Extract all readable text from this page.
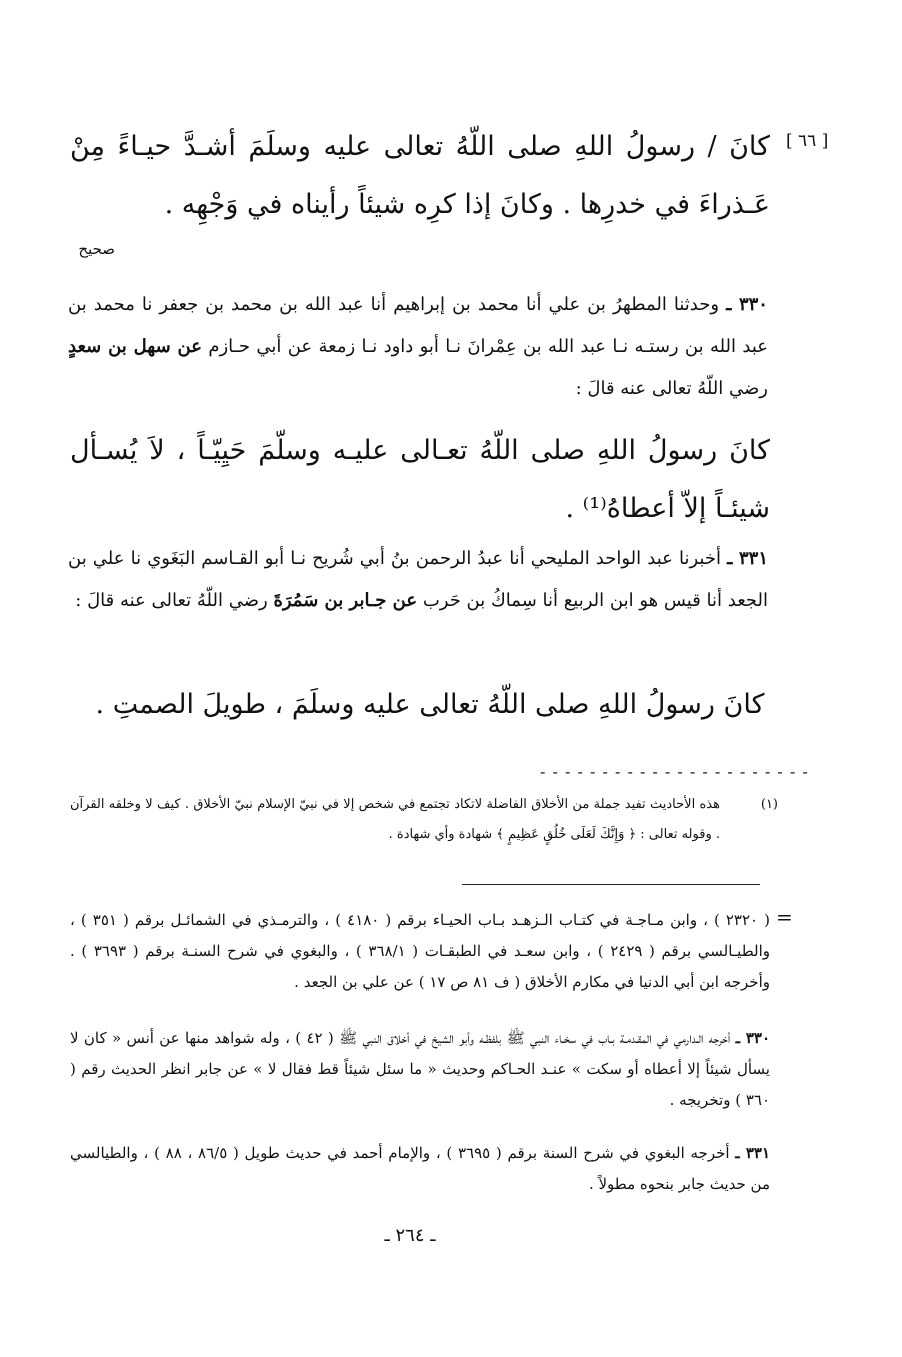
[ ٦٦ ]
كانَ / رسولُ اللهِ صلى اللّهُ تعالى عليه وسلَمَ أشـدَّ حيـاءً مِنْ عَـذراءَ في خدرِها . وكانَ إذا كرِه شيئاً رأيناه في وَجْهِه .
صحيح
٣٣٠ ـ وحدثنا المطهرُ بن علي أنا محمد بن إبراهيم أنا عبد الله بن محمد بن جعفر نا محمد بن عبد الله بن رستـه نـا عبد الله بن عِمْرانَ نـا أبو داود نـا زمعة عن أبي حـازم عن سهل بن سعدٍ رضي اللّهُ تعالى عنه قالَ :
كانَ رسولُ اللهِ صلى اللّهُ تعـالى عليـه وسلّمَ حَيِيّـاً ، لاَ يُسـأل شيئـاً إلاّ أعطاهُ⁽¹⁾ .
٣٣١ ـ أخبرنا عبد الواحد المليحي أنا عبدُ الرحمن بنُ أبي شُريح نـا أبو القـاسم البَغَوي نا علي بن الجعد أنا قيس هو ابن الربيع أنا سِماكُ بن حَرب عن جـابر بن سَمُرَةَ رضي اللّهُ تعالى عنه قالَ :
كانَ رسولُ اللهِ صلى اللّهُ تعالى عليه وسلَمَ ، طويلَ الصمتِ .
- - - - - - - - - - - - - - - - - - - - - -
(١)
هذه الأحاديث تفيد جملة من الأخلاق الفاضلة لاتكاد تجتمع في شخص إلا في نبيّ الإسلام نبيّ الأخلاق . كيف لا وخلقه القرآن . وقوله تعالى : ﴿ وَإِنَّكَ لَعَلَى خُلُقٍ عَظِيمٍ ﴾ شهادة وأي شهادة .
=
( ٢٣٢٠ ) ، وابن مـاجـة في كتـاب الـزهـد بـاب الحيـاء برقم ( ٤١٨٠ ) ، والترمـذي في الشمائـل برقم ( ٣٥١ ) ، والطيـالسي برقم ( ٢٤٢٩ ) ، وابن سعـد في الطبقـات ( ٣٦٨/١ ) ، والبغوي في شرح السنـة برقم ( ٣٦٩٣ ) . وأخرجه ابن أبي الدنيا في مكارم الأخلاق ( ف ٨١ ص ١٧ ) عن علي بن الجعد .
٣٣٠ ـ أخرجه الـدارمي في المقـدمـة بـاب في سخـاء النبي ﷺ بلفظـه وأبو الشيخ في أخلاق النبي ﷺ ( ٤٢ ) ، وله شواهد منها عن أنس « كان لا يسأل شيئاً إلا أعطاه أو سكت » عنـد الحـاكم وحديث « ما سئل شيئاً قط فقال لا » عن جابر انظر الحديث رقم ( ٣٦٠ ) وتخريجه .
٣٣١ ـ أخرجه البغوي في شرح السنة برقم ( ٣٦٩٥ ) ، والإمام أحمد في حديث طويل ( ٨٦/٥ ، ٨٨ ) ، والطيالسي من حديث جابر بنحوه مطولاً .
ـ ٢٦٤ ـ
